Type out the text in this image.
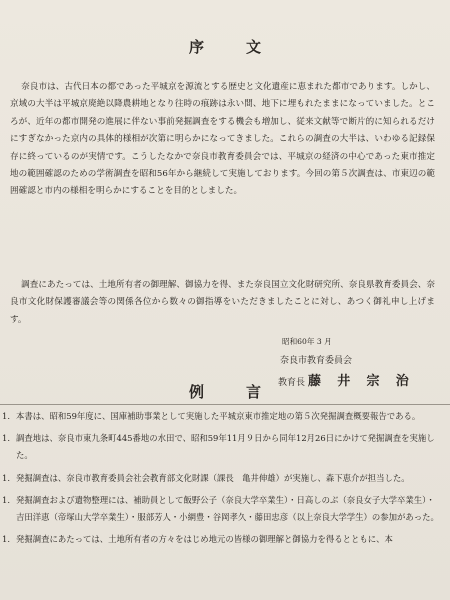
序　文

奈良市は、古代日本の都であった平城京を源流とする歴史と文化遺産に恵まれた都市であります。しかし、京域の大半は平城京廃絶以降農耕地となり往時の痕跡は永い間、地下に埋もれたままになっていました。ところが、近年の都市開発の進展に伴ない事前発掘調査をする機会も増加し、従来文献等で断片的に知られるだけにすぎなかった京内の具体的様相が次第に明らかになってきました。これらの調査の大半は、いわゆる記録保存に終っているのが実情です。こうしたなかで奈良市教育委員会では、平城京の経済の中心であった東市推定地の範囲確認のための学術調査を昭和56年から継続して実施しております。今回の第５次調査は、市東辺の範囲確認と市内の様相を明らかにすることを目的としました。

調査にあたっては、土地所有者の御理解、御協力を得、また奈良国立文化財研究所、奈良県教育委員会、奈良市文化財保護審議会等の関係各位から数々の御指導をいただきましたことに対し、あつく御礼申し上げます。

昭和60年 3 月
奈良市教育委員会
教育長 藤 井 宗 治
例　言
1. 本書は、昭和59年度に、国庫補助事業として実施した平城京東市推定地の第５次発掘調査概要報告である。
1. 調査地は、奈良市東九条町445番地の水田で、昭和59年11月９日から同年12月26日にかけて発掘調査を実施した。
1. 発掘調査は、奈良市教育委員会社会教育部文化財課（課長　亀井伸雄）が実施し、森下恵介が担当した。
1. 発掘調査および遺物整理には、補助員として飯野公子（奈良大学卒業生）・日高しのぶ（奈良女子大学卒業生）・吉田洋恵（帝塚山大学卒業生）・服部芳人・小網豊・谷岡孝久・藤田忠彦（以上奈良大学学生）の参加があった。
1. 発掘調査にあたっては、土地所有者の方々をはじめ地元の皆様の御理解と御協力を得るとともに、本
